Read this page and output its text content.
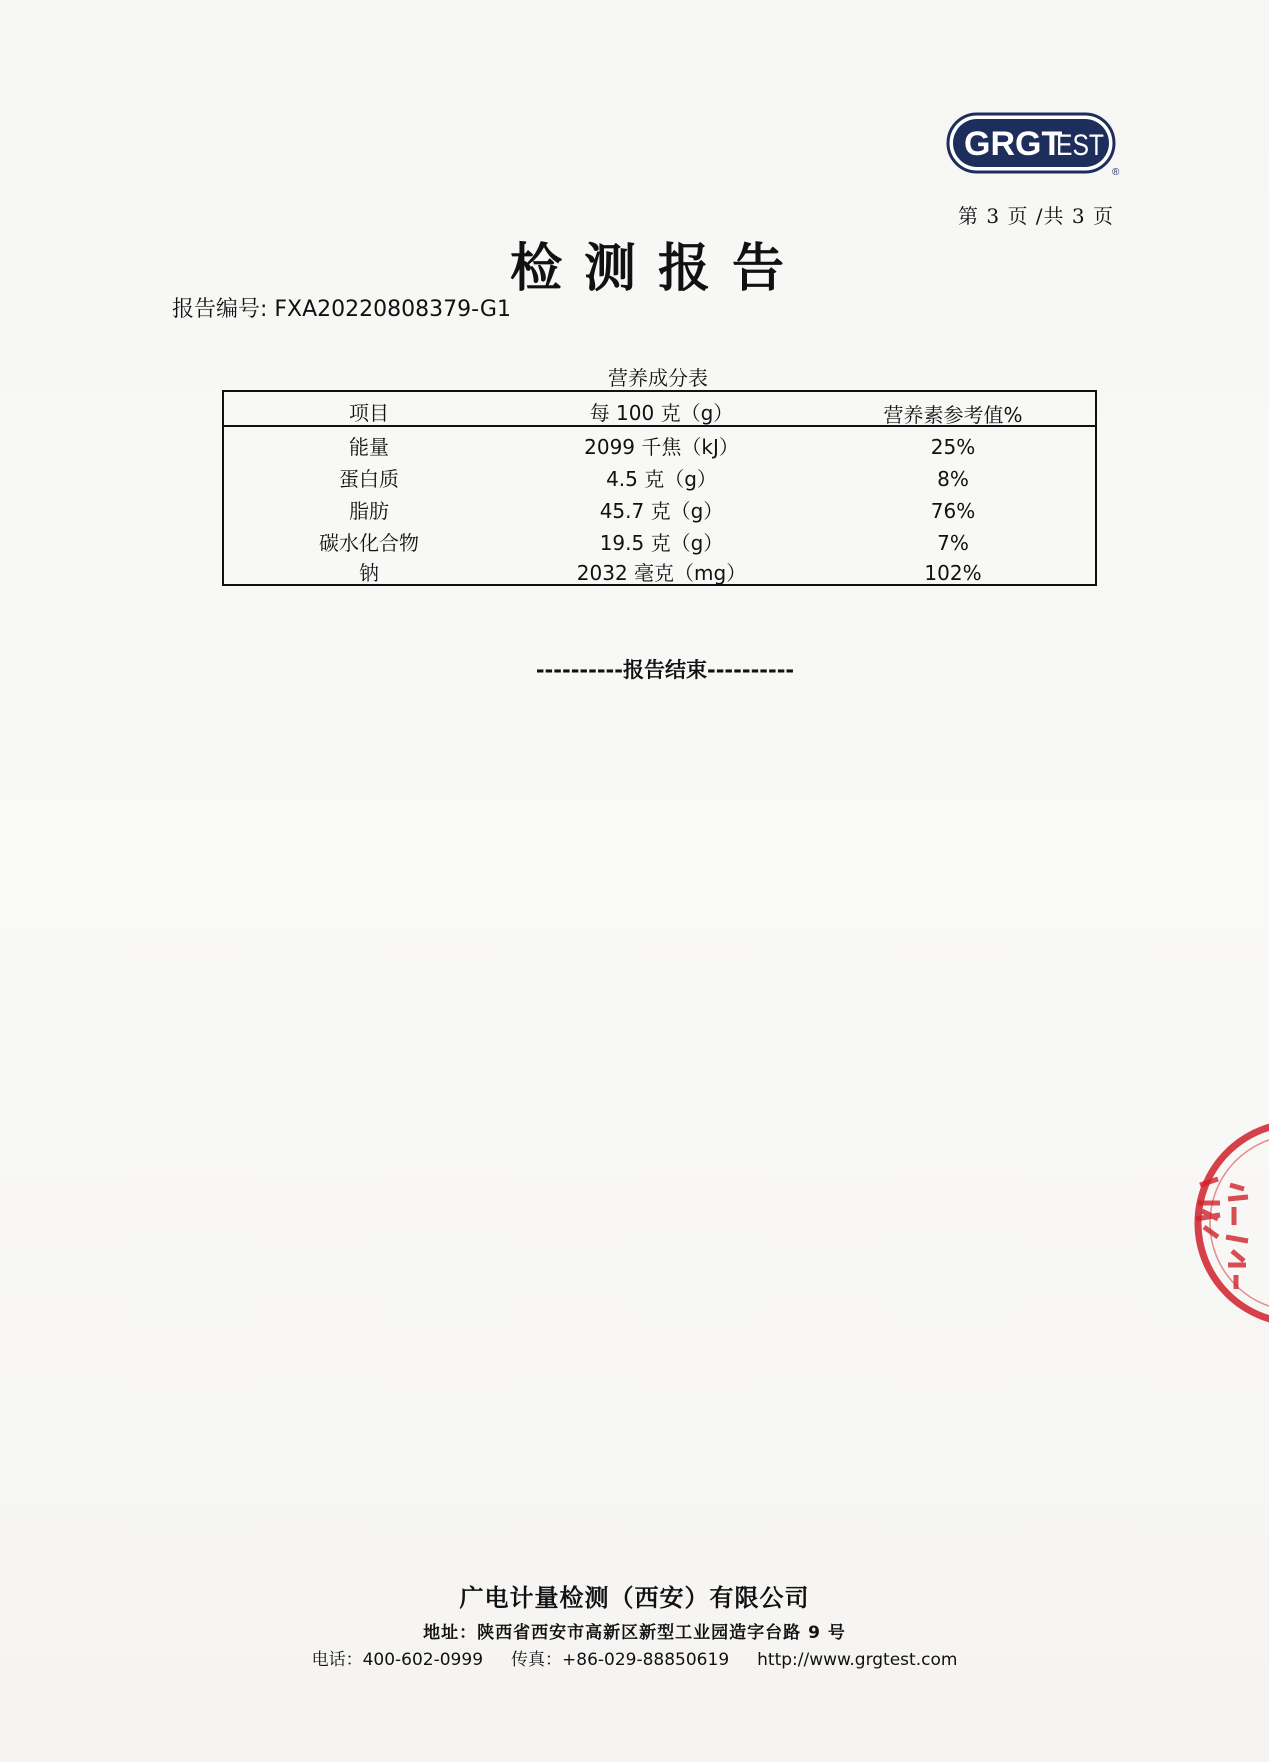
GRGT
EST
®
第 3 页 /共 3 页
检测报告
报告编号: FXA20220808379-G1
营养成分表
项目	每 100 克（g）	营养素参考值%
能量	2099 千焦（kJ）	25%
蛋白质	4.5 克（g）	8%
脂肪	45.7 克（g）	76%
碳水化合物	19.5 克（g）	7%
钠	2032 毫克（mg）	102%
----------报告结束----------
广电计量检测（西安）有限公司
地址：陕西省西安市高新区新型工业园造字台路 9 号
电话：400-602-0999 传真：+86-029-88850619 http://www.grgtest.com
